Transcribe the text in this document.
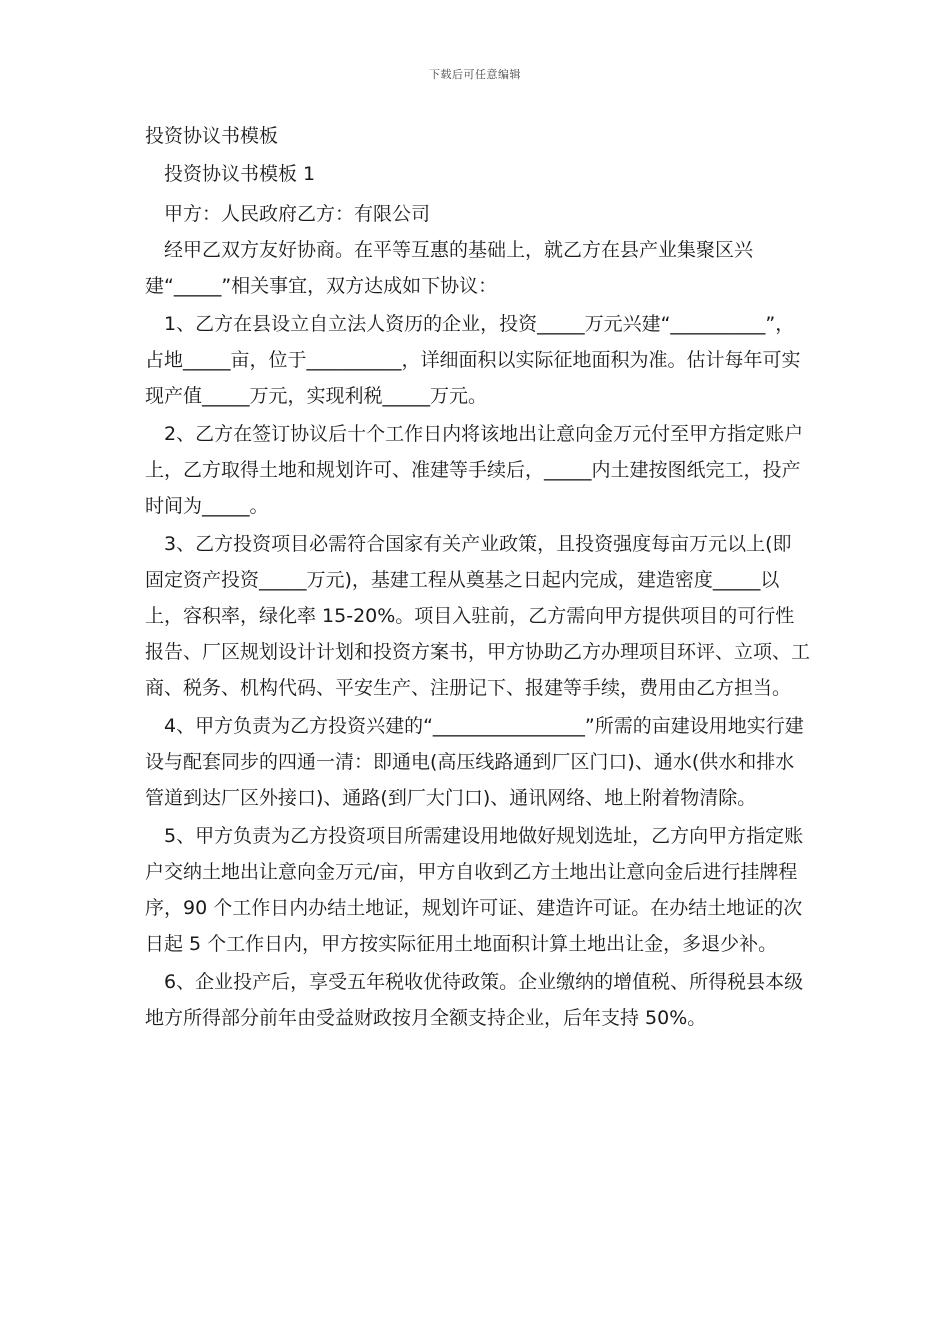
下载后可任意编辑
投资协议书模板

投资协议书模板 1

甲方：人民政府乙方：有限公司

经甲乙双方友好协商。在平等互惠的基础上，就乙方在县产业集聚区兴建“_____”相关事宜，双方达成如下协议：

1、乙方在县设立自立法人资历的企业，投资_____万元兴建“__________”，占地_____亩，位于__________，详细面积以实际征地面积为准。估计每年可实现产值_____万元，实现利税_____万元。

2、乙方在签订协议后十个工作日内将该地出让意向金万元付至甲方指定账户上，乙方取得土地和规划许可、准建等手续后，_____内土建按图纸完工，投产时间为_____。

3、乙方投资项目必需符合国家有关产业政策，且投资强度每亩万元以上(即固定资产投资_____万元)，基建工程从奠基之日起内完成，建造密度_____以上，容积率，绿化率 15-20%。项目入驻前，乙方需向甲方提供项目的可行性报告、厂区规划设计计划和投资方案书，甲方协助乙方办理项目环评、立项、工商、税务、机构代码、平安生产、注册记下、报建等手续，费用由乙方担当。

4、甲方负责为乙方投资兴建的“________________”所需的亩建设用地实行建设与配套同步的四通一清：即通电(高压线路通到厂区门口)、通水(供水和排水管道到达厂区外接口)、通路(到厂大门口)、通讯网络、地上附着物清除。

5、甲方负责为乙方投资项目所需建设用地做好规划选址，乙方向甲方指定账户交纳土地出让意向金万元/亩，甲方自收到乙方土地出让意向金后进行挂牌程序，90 个工作日内办结土地证，规划许可证、建造许可证。在办结土地证的次日起 5 个工作日内，甲方按实际征用土地面积计算土地出让金，多退少补。

6、企业投产后，享受五年税收优待政策。企业缴纳的增值税、所得税县本级地方所得部分前年由受益财政按月全额支持企业，后年支持 50%。
